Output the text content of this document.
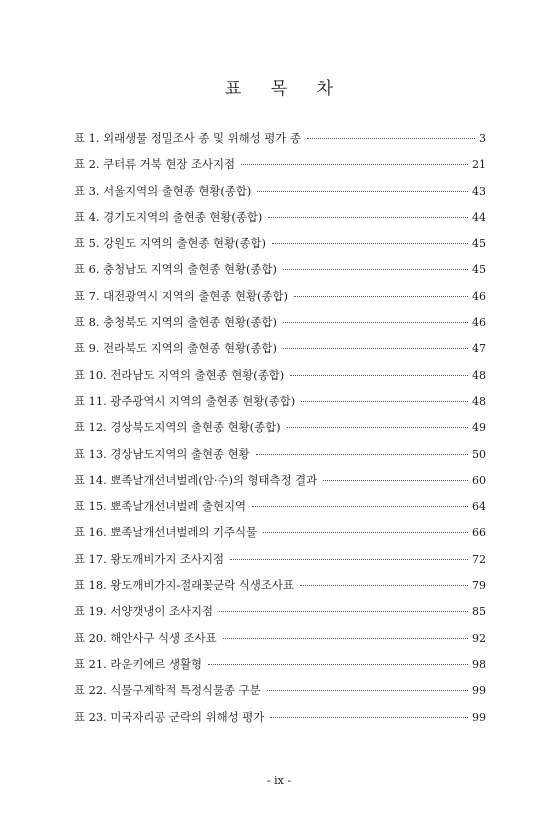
표 목 차
표 1. 외래생물 정밀조사 종 및 위해성 평가 종	3
표 2. 쿠터류 거북 현장 조사지점	21
표 3. 서울지역의 출현종 현황(종합)	43
표 4. 경기도지역의 출현종 현황(종합)	44
표 5. 강원도 지역의 출현종 현황(종합)	45
표 6. 충청남도 지역의 출현종 현황(종합)	45
표 7. 대전광역시 지역의 출현종 현황(종합)	46
표 8. 충청북도 지역의 출현종 현황(종합)	46
표 9. 전라북도 지역의 출현종 현황(종합)	47
표 10. 전라남도 지역의 출현종 현황(종합)	48
표 11. 광주광역시 지역의 출현종 현황(종합)	48
표 12. 경상북도지역의 출현종 현황(종합)	49
표 13. 경상남도지역의 출현종 현황	50
표 14. 뾰족날개선녀벌레(암·수)의 형태측정 결과	60
표 15. 뾰족날개선녀벌레 출현지역	64
표 16. 뾰족날개선녀벌레의 기주식물	66
표 17. 왕도깨비가지 조사지점	72
표 18. 왕도깨비가지-절래꽃군락 식생조사표	79
표 19. 서양갯냉이 조사지점	85
표 20. 해안사구 식생 조사표	92
표 21. 라운키에르 생활형	98
표 22. 식물구계학적 특정식물종 구분	99
표 23. 미국자리공 군락의 위해성 평가	99
- ix -
